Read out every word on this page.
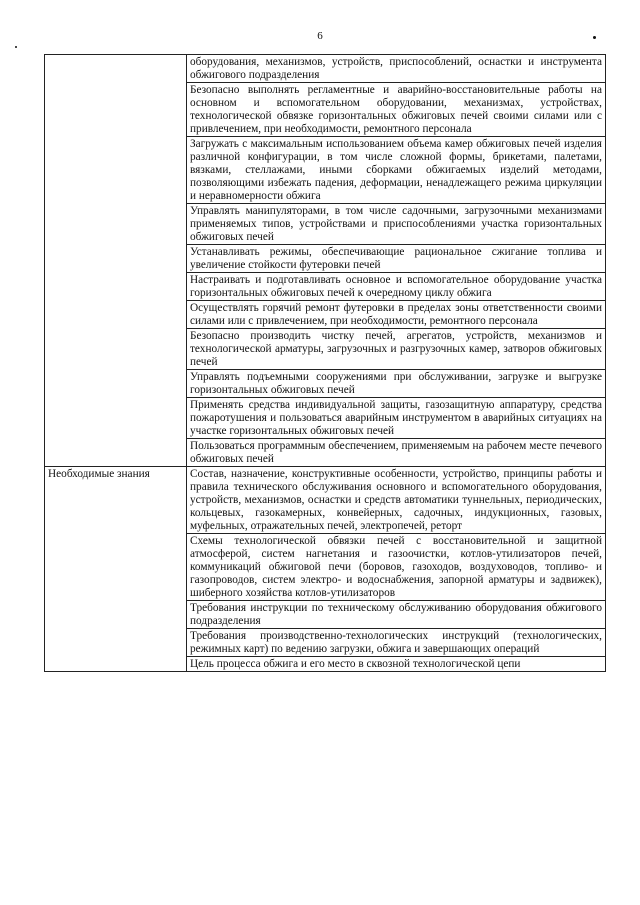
6
	оборудования, механизмов, устройств, приспособлений, оснастки и инструмента обжигового подразделения
	Безопасно выполнять регламентные и аварийно-восстановительные работы на основном и вспомогательном оборудовании, механизмах, устройствах, технологической обвязке горизонтальных обжиговых печей своими силами или с привлечением, при необходимости, ремонтного персонала
	Загружать с максимальным использованием объема камер обжиговых печей изделия различной конфигурации, в том числе сложной формы, брикетами, палетами, вязками, стеллажами, иными сборками обжигаемых изделий методами, позволяющими избежать падения, деформации, ненадлежащего режима циркуляции и неравномерности обжига
	Управлять манипуляторами, в том числе садочными, загрузочными механизмами применяемых типов, устройствами и приспособлениями участка горизонтальных обжиговых печей
	Устанавливать режимы, обеспечивающие рациональное сжигание топлива и увеличение стойкости футеровки печей
	Настраивать и подготавливать основное и вспомогательное оборудование участка горизонтальных обжиговых печей к очередному циклу обжига
	Осуществлять горячий ремонт футеровки в пределах зоны ответственности своими силами или с привлечением, при необходимости, ремонтного персонала
	Безопасно производить чистку печей, агрегатов, устройств, механизмов и технологической арматуры, загрузочных и разгрузочных камер, затворов обжиговых печей
	Управлять подъемными сооружениями при обслуживании, загрузке и выгрузке горизонтальных обжиговых печей
	Применять средства индивидуальной защиты, газозащитную аппаратуру, средства пожаротушения и пользоваться аварийным инструментом в аварийных ситуациях на участке горизонтальных обжиговых печей
	Пользоваться программным обеспечением, применяемым на рабочем месте печевого обжиговых печей
Необходимые знания	Состав, назначение, конструктивные особенности, устройство, принципы работы и правила технического обслуживания основного и вспомогательного оборудования, устройств, механизмов, оснастки и средств автоматики туннельных, периодических, кольцевых, газокамерных, конвейерных, садочных, индукционных, газовых, муфельных, отражательных печей, электропечей, реторт
	Схемы технологической обвязки печей с восстановительной и защитной атмосферой, систем нагнетания и газоочистки, котлов-утилизаторов печей, коммуникаций обжиговой печи (боровов, газоходов, воздуховодов, топливо- и газопроводов, систем электро- и водоснабжения, запорной арматуры и задвижек), шиберного хозяйства котлов-утилизаторов
	Требования инструкции по техническому обслуживанию оборудования обжигового подразделения
	Требования производственно-технологических инструкций (технологических, режимных карт) по ведению загрузки, обжига и завершающих операций
	Цель процесса обжига и его место в сквозной технологической цепи
